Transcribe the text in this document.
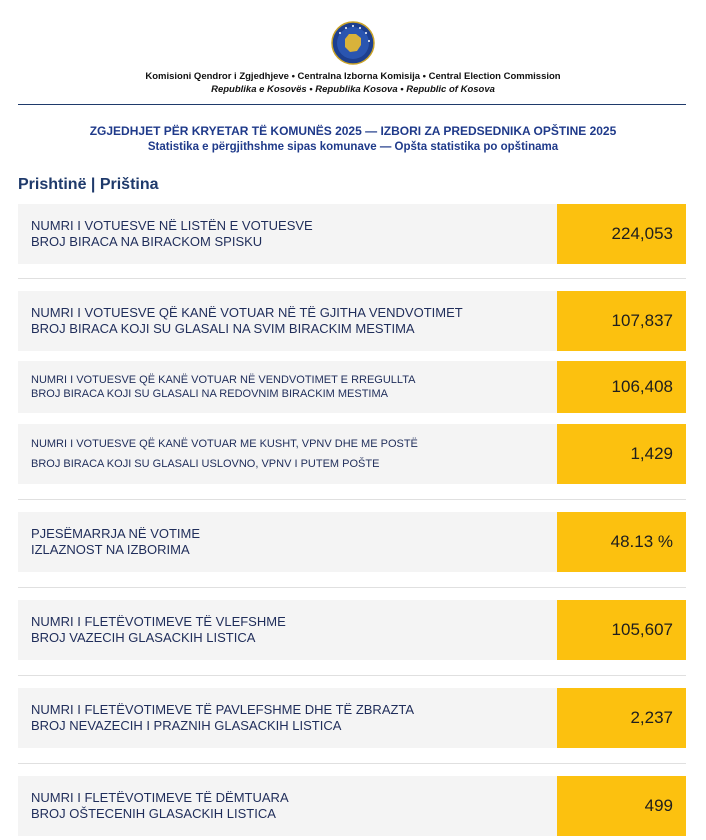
Komisioni Qendror i Zgjedhjeve • Centralna Izborna Komisija • Central Election Commission
Republika e Kosovës • Republika Kosova • Republic of Kosova
ZGJEDHJET PËR KRYETAR TË KOMUNËS 2025 — IZBORI ZA PREDSEDNIKA OPŠTINE 2025
Statistika e përgjithshme sipas komunave — Opšta statistika po opštinama
Prishtinë | Priština
NUMRI I VOTUESVE NË LISTËN E VOTUESVE
BROJ BIRACA NA BIRACKOM SPISKU	224,053
NUMRI I VOTUESVE QË KANË VOTUAR NË TË GJITHA VENDVOTIMET
BROJ BIRACA KOJI SU GLASALI NA SVIM BIRACKIM MESTIMA	107,837
NUMRI I VOTUESVE QË KANË VOTUAR NË VENDVOTIMET E RREGULLTA
BROJ BIRACA KOJI SU GLASALI NA REDOVNIM BIRACKIM MESTIMA	106,408
NUMRI I VOTUESVE QË KANË VOTUAR ME KUSHT, VPNV DHE ME POSTË
BROJ BIRACA KOJI SU GLASALI USLOVNO, VPNV I PUTEM POŠTE
1,429
PJESËMARRJA NË VOTIME
IZLAZNOST NA IZBORIMA	48.13 %
NUMRI I FLETËVOTIMEVE TË VLEFSHME
BROJ VAZECIH GLASACKIH LISTICA	105,607
NUMRI I FLETËVOTIMEVE TË PAVLEFSHME DHE TË ZBRAZTA
BROJ NEVAZECIH I PRAZNIH GLASACKIH LISTICA	2,237
NUMRI I FLETËVOTIMEVE TË DËMTUARA
BROJ OŠTECENIH GLASACKIH LISTICA	499
